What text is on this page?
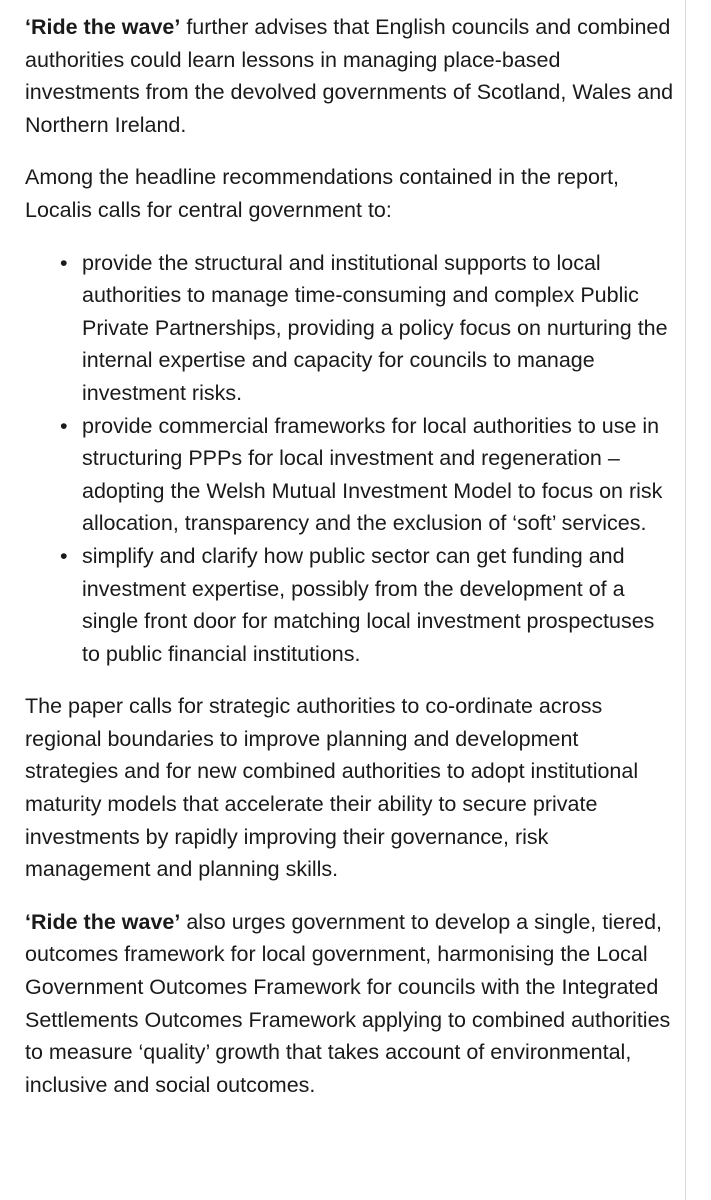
‘Ride the wave’ further advises that English councils and combined authorities could learn lessons in managing place-based investments from the devolved governments of Scotland, Wales and Northern Ireland.

Among the headline recommendations contained in the report, Localis calls for central government to:

• provide the structural and institutional supports to local authorities to manage time-consuming and complex Public Private Partnerships, providing a policy focus on nurturing the internal expertise and capacity for councils to manage investment risks.
• provide commercial frameworks for local authorities to use in structuring PPPs for local investment and regeneration – adopting the Welsh Mutual Investment Model to focus on risk allocation, transparency and the exclusion of ‘soft’ services.
• simplify and clarify how public sector can get funding and investment expertise, possibly from the development of a single front door for matching local investment prospectuses to public financial institutions.

The paper calls for strategic authorities to co-ordinate across regional boundaries to improve planning and development strategies and for new combined authorities to adopt institutional maturity models that accelerate their ability to secure private investments by rapidly improving their governance, risk management and planning skills.

‘Ride the wave’ also urges government to develop a single, tiered, outcomes framework for local government, harmonising the Local Government Outcomes Framework for councils with the Integrated Settlements Outcomes Framework applying to combined authorities to measure ‘quality’ growth that takes account of environmental, inclusive and social outcomes.
